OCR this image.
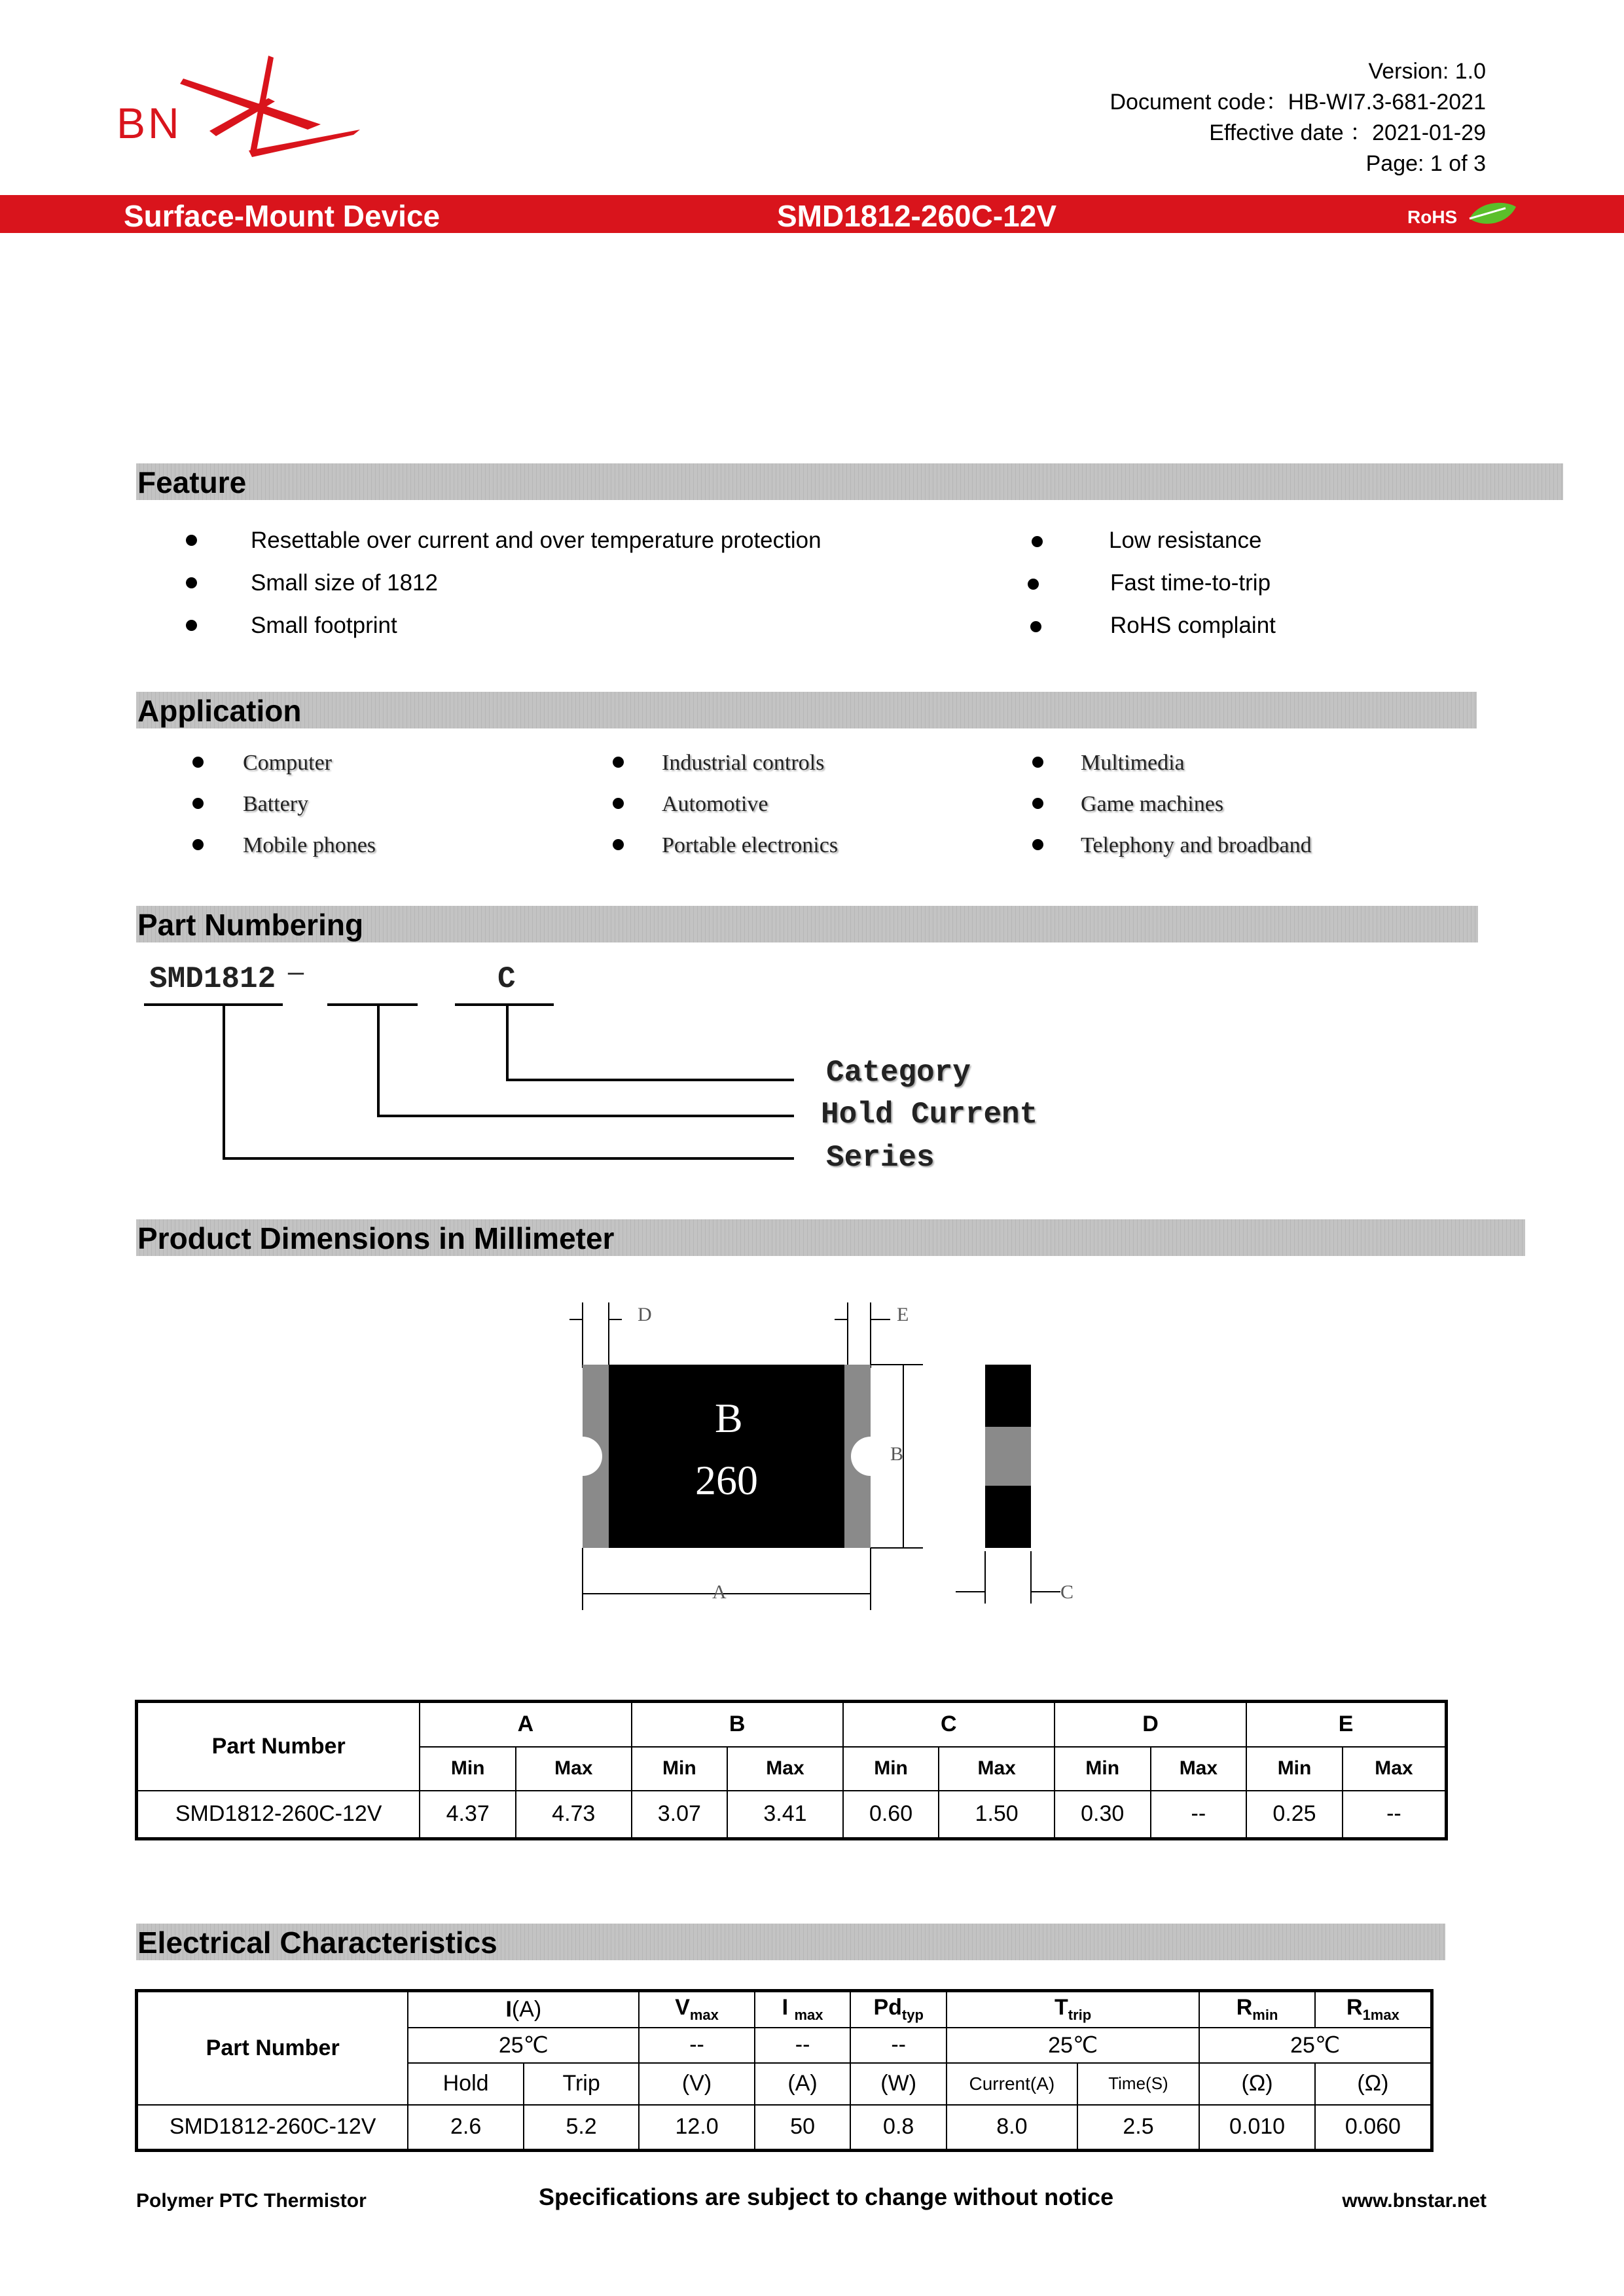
BN
Version: 1.0
Document code：HB-WI7.3-681-2021
Effective date ：2021-01-29
Page: 1 of 3
Surface-Mount Device	SMD1812-260C-12V	RoHS
Feature
Resettable over current and over temperature protection
Small size of 1812
Small footprint
Low resistance
Fast time-to-trip
RoHS complaint
Application
Computer
Battery
Mobile phones
Industrial controls
Automotive
Portable electronics
Multimedia
Game machines
Telephony and broadband
Part Numbering
SMD1812 —	C
Category
Hold Current
Series
Product Dimensions in Millimeter
B
260
D	E
B
A	C
Part Number	A		B		C		D		E	
	Min	Max	Min	Max	Min	Max	Min	Max	Min	Max
SMD1812-260C-12V	4.37	4.73	3.07	3.41	0.60	1.50	0.30	--	0.25	--
Electrical Characteristics
Part Number	I(A)		$V_{max}$	I $_{max}$	$Pd_{typ}$	$T_{trip}$		$R_{min}$	$R_{1max}$
	25℃		--	--	--	25℃		25℃	
	Hold	Trip	(V)	(A)	(W)	Current(A)	Time(S)	(Ω)	(Ω)
SMD1812-260C-12V	2.6	5.2	12.0	50	0.8	8.0	2.5	0.010	0.060
Polymer PTC Thermistor	Specifications are subject to change without notice	www.bnstar.net
